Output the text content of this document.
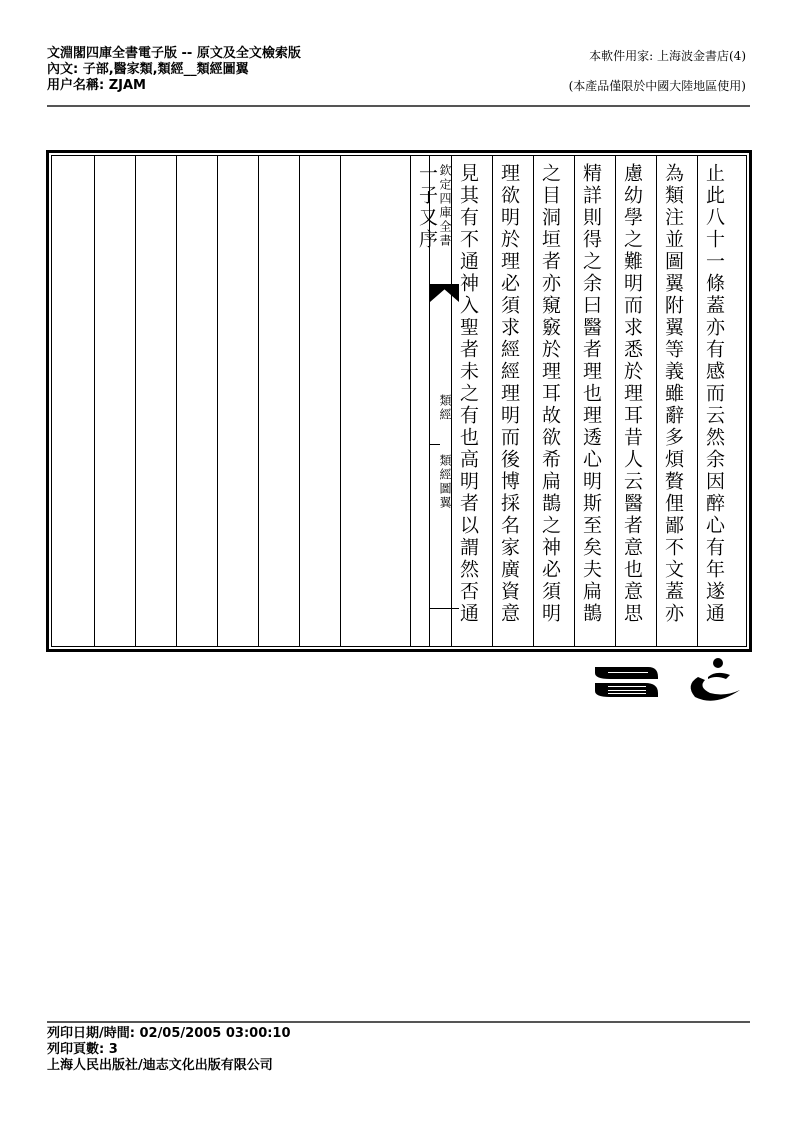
文淵閣四庫全書電子版 -- 原文及全文檢索版
內文: 子部,醫家類,類經__類經圖翼
用户名稱: ZJAM
本軟件用家: 上海波金書店(4)
(本產品僅限於中國大陸地區使用)
欽定四庫全書
類經
類經圖翼
一子又序 見其有不通神入聖者未之有也高明者以謂然否通 理欲明於理必須求經經理明而後博採名家廣資意 之目洞垣者亦窺竅於理耳故欲希扁鵲之神必須明 精詳則得之余曰醫者理也理透心明斯至矣夫扁鵲 慮幼學之難明而求悉於理耳昔人云醫者意也意思 為類注並圖翼附翼等義雖辭多煩贅俚鄙不文蓋亦 止此八十一條蓋亦有感而云然余因醉心有年遂通
列印日期/時間: 02/05/2005 03:00:10
列印頁數: 3
上海人民出版社/迪志文化出版有限公司
